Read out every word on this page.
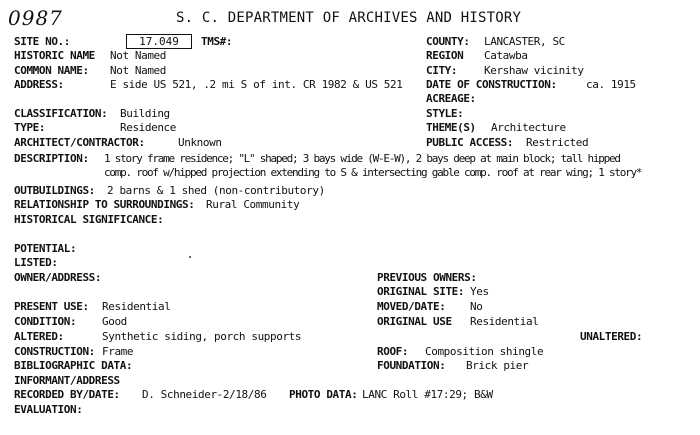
0987	S. C. DEPARTMENT OF ARCHIVES AND HISTORY
SITE NO.:	17.049	TMS#:	COUNTY: LANCASTER, SC
HISTORIC NAME Not Named	REGION Catawba
COMMON NAME: Not Named	CITY: Kershaw vicinity
ADDRESS:	E side US 521, .2 mi S of int. CR 1982 & US 521 DATE OF CONSTRUCTION:	ca. 1915
ACREAGE:
CLASSIFICATION: Building	STYLE:
TYPE:	Residence	THEME(S) Architecture
ARCHITECT/CONTRACTOR:	Unknown	PUBLIC ACCESS: Restricted
DESCRIPTION: 1 story frame residence; "L" shaped; 3 bays wide (W-E-W), 2 bays deep at main block; tall hipped
comp. roof w/hipped projection extending to S & intersecting gable comp. roof at rear wing; 1 story*
OUTBUILDINGS: 2 barns & 1 shed (non-contributory)
RELATIONSHIP TO SURROUNDINGS: Rural Community
HISTORICAL SIGNIFICANCE:
POTENTIAL:
LISTED:
OWNER/ADDRESS:	PREVIOUS OWNERS:
ORIGINAL SITE: Yes
PRESENT USE: Residential	MOVED/DATE: No
CONDITION: Good	ORIGINAL USE Residential
ALTERED:	Synthetic siding, porch supports	UNALTERED:
CONSTRUCTION: Frame	ROOF: Composition shingle
BIBLIOGRAPHIC DATA:	FOUNDATION: Brick pier
INFORMANT/ADDRESS
RECORDED BY/DATE: D. Schneider-2/18/86 PHOTO DATA: LANC Roll #17:29; B&W
EVALUATION:
